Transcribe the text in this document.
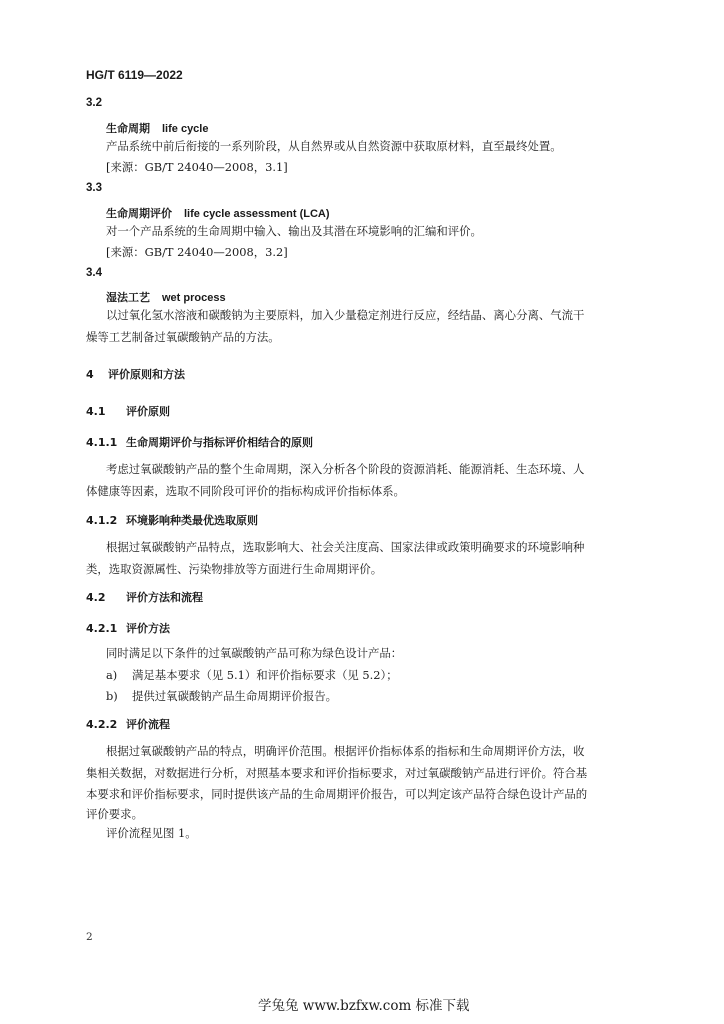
HG/T 6119—2022
3.2
生命周期 life cycle
产品系统中前后衔接的一系列阶段，从自然界或从自然资源中获取原材料，直至最终处置。
[来源：GB/T 24040—2008，3.1]
3.3
生命周期评价 life cycle assessment (LCA)
对一个产品系统的生命周期中输入、输出及其潜在环境影响的汇编和评价。
[来源：GB/T 24040—2008，3.2]
3.4
湿法工艺 wet process
以过氧化氢水溶液和碳酸钠为主要原料，加入少量稳定剂进行反应，经结晶、离心分离、气流干
燥等工艺制备过氧碳酸钠产品的方法。
4 评价原则和方法
4.1 评价原则
4.1.1 生命周期评价与指标评价相结合的原则
考虑过氧碳酸钠产品的整个生命周期，深入分析各个阶段的资源消耗、能源消耗、生态环境、人
体健康等因素，选取不同阶段可评价的指标构成评价指标体系。
4.1.2 环境影响种类最优选取原则
根据过氧碳酸钠产品特点，选取影响大、社会关注度高、国家法律或政策明确要求的环境影响种
类，选取资源属性、污染物排放等方面进行生命周期评价。
4.2 评价方法和流程
4.2.1 评价方法
同时满足以下条件的过氧碳酸钠产品可称为绿色设计产品：
a) 满足基本要求（见 5.1）和评价指标要求（见 5.2）；
b) 提供过氧碳酸钠产品生命周期评价报告。
4.2.2 评价流程
根据过氧碳酸钠产品的特点，明确评价范围。根据评价指标体系的指标和生命周期评价方法，收
集相关数据，对数据进行分析，对照基本要求和评价指标要求，对过氧碳酸钠产品进行评价。符合基
本要求和评价指标要求，同时提供该产品的生命周期评价报告，可以判定该产品符合绿色设计产品的
评价要求。
评价流程见图 1。
2
学兔兔 www.bzfxw.com 标准下载
